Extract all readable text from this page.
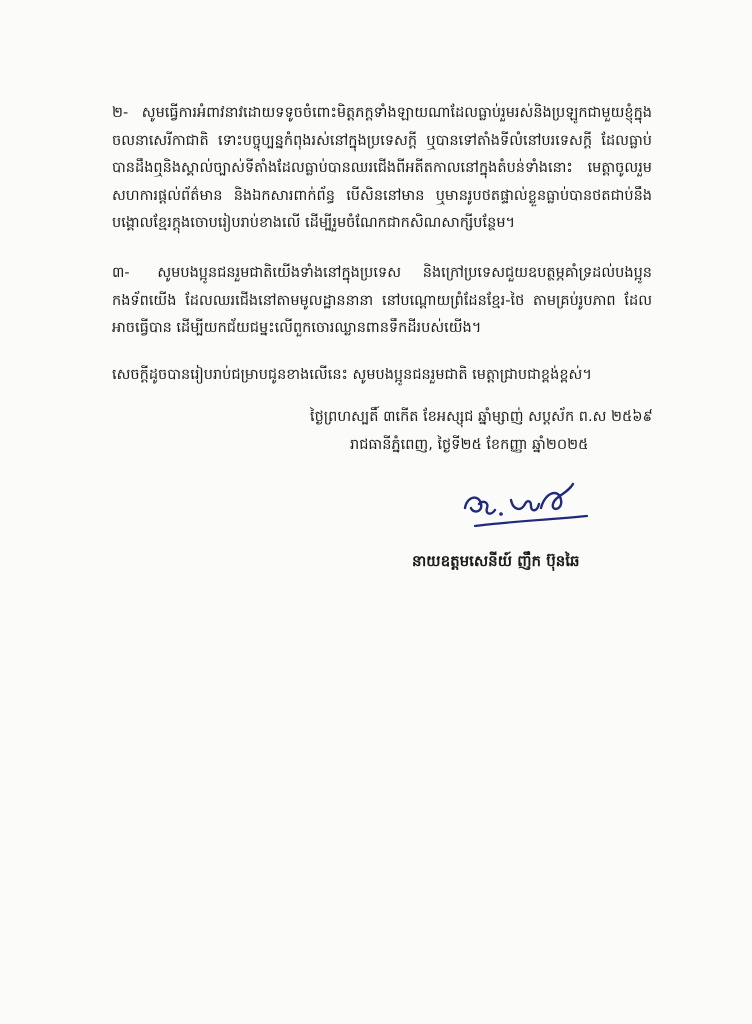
២- សូមធ្វើការអំពាវនាវដោយទទូចចំពោះមិត្តភក្តទាំងឡាយណាដែលធ្លាប់រួមរស់និងប្រឡូកជាមួយខ្ញុំក្នុងចលនាសេរីកាជាតិ ទោះបច្ចុប្បន្នកំពុងរស់នៅក្នុងប្រទេសក្តី ឬបានទៅតាំងទីលំនៅបរទេសក្តី ដែលធ្លាប់បានដឹងឮនិងស្គាល់ច្បាស់ទីតាំងដែលធ្លាប់បានឈរជើងពីអតីតកាលនៅក្នុងតំបន់ទាំងនោះ មេត្តាចូលរួមសហការផ្តល់ព័ត៌មាន និងឯកសារពាក់ព័ន្ធ បើសិននៅមាន ឬមានរូបថតផ្ទាល់ខ្លួនធ្លាប់បានថតជាប់នឹងបង្គោលខ្មែរក្តុងចេាបរៀបរាប់ខាងលើ ដើម្បីរួមចំណែកជាកសិណសាក្សីបន្ថែម។
៣- សូមបងប្អូនជនរួមជាតិយើងទាំងនៅក្នុងប្រទេស និងក្រៅប្រទេសជួយឧបត្ថម្ភគាំទ្រដល់បងប្អូនកងទ័ពយើង ដែលឈរជើងនៅតាមមូលដ្ឋាននានា នៅបណ្តោយព្រំដែនខ្មែរ-ថៃ តាមគ្រប់រូបភាព ដែលអាចធ្វើបាន ដើម្បីយកជ័យជម្នះលើពួកចោរឈ្លានពានទឹកដីរបស់យើង។
សេចក្តីដូចបានរៀបរាប់ជម្រាបជូនខាងលើនេះ សូមបងប្អូនជនរួមជាតិ មេត្តាជ្រាបជាខ្ពង់ខ្ពស់។
ថ្ងៃព្រហស្បតិ៍ ៣កើត ខែអស្សុជ ឆ្នាំម្សាញ់ សប្តស័ក ព.ស ២៥៦៩
រាជធានីភ្នំពេញ, ថ្ងៃទី២៥ ខែកញ្ញា ឆ្នាំ២០២៥
នាយឧត្តមសេនីយ៍ ញឹក ប៊ុនឆៃ
